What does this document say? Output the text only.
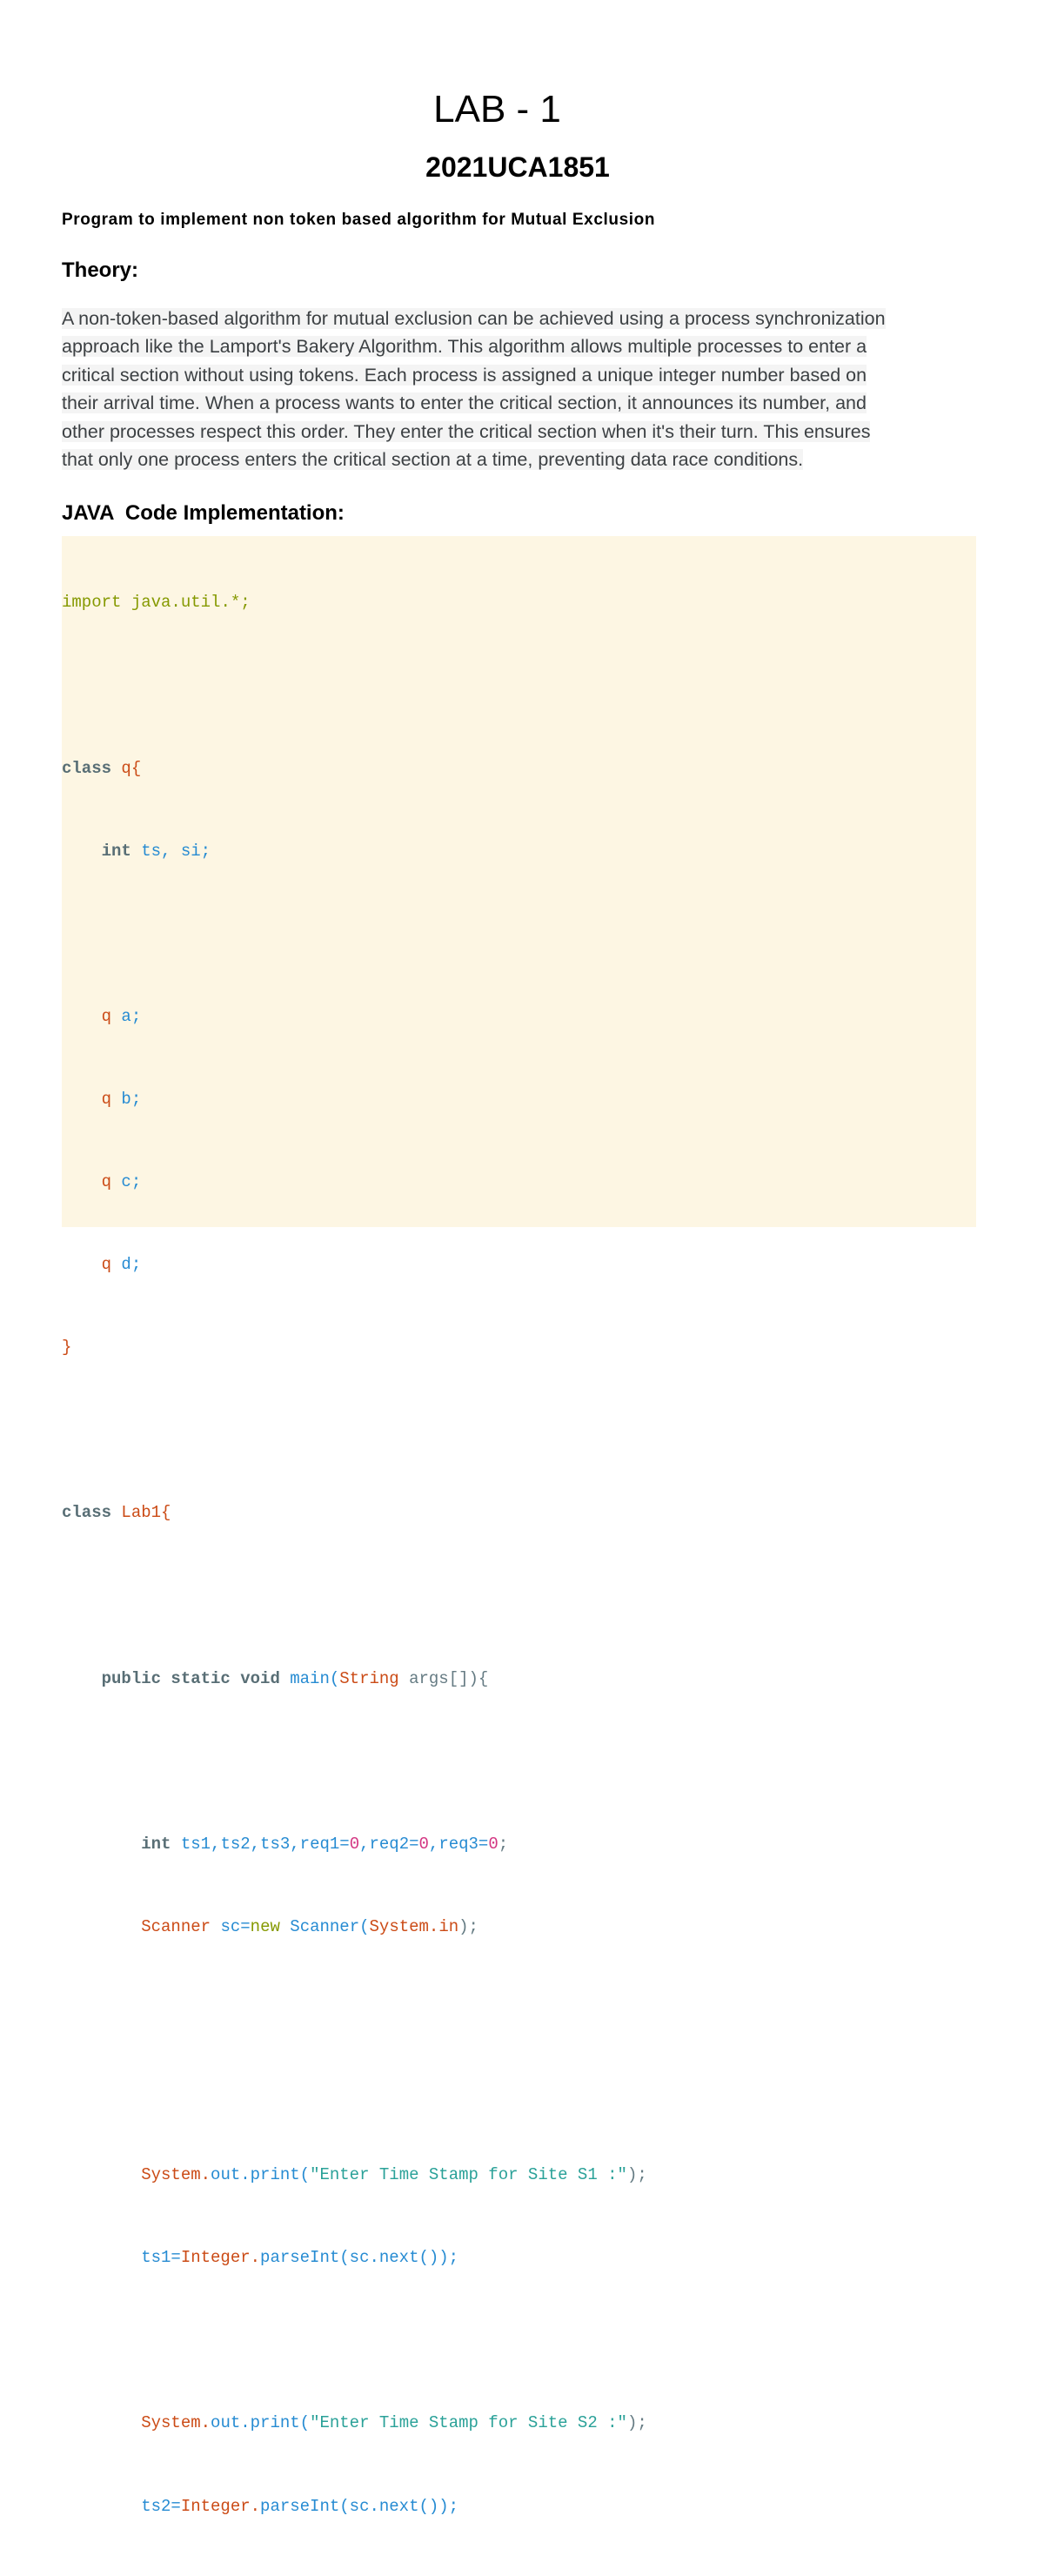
LAB - 1
2021UCA1851

Program to implement non token based algorithm for Mutual Exclusion

Theory:
A non-token-based algorithm for mutual exclusion can be achieved using a process synchronization
approach like the Lamport's Bakery Algorithm. This algorithm allows multiple processes to enter a
critical section without using tokens. Each process is assigned a unique integer number based on
their arrival time. When a process wants to enter the critical section, it announces its number, and
other processes respect this order. They enter the critical section when it's their turn. This ensures
that only one process enters the critical section at a time, preventing data race conditions.
JAVA  Code Implementation:

import java.util.*;

class q{

int ts, si;

q a;

q b;

q c;

q d;

}

class Lab1{

public static void main(String args[]){

int ts1,ts2,ts3,req1=0,req2=0,req3=0;

Scanner sc=new Scanner(System.in);

System.out.print("Enter Time Stamp for Site S1 :");

ts1=Integer.parseInt(sc.next());

System.out.print("Enter Time Stamp for Site S2 :");

ts2=Integer.parseInt(sc.next());
